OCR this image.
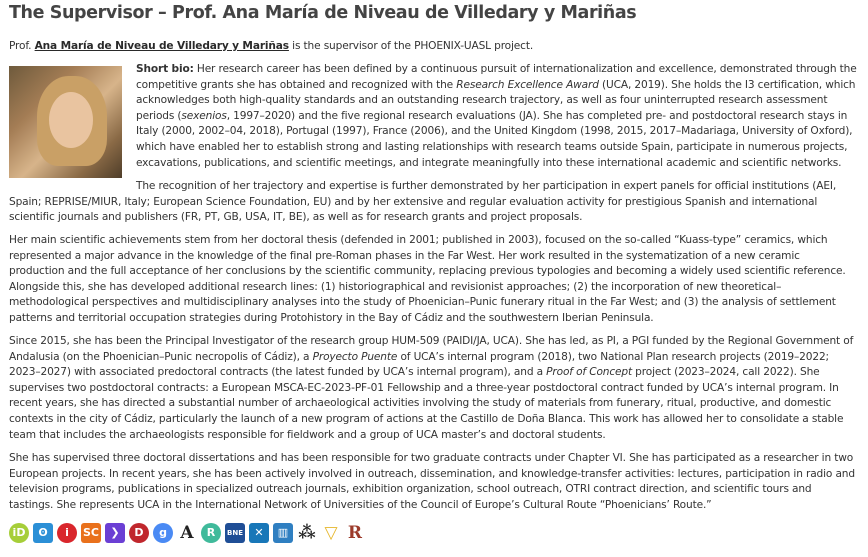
The Supervisor – Prof. Ana María de Niveau de Villedary y Mariñas
Prof. Ana María de Niveau de Villedary y Mariñas is the supervisor of the PHOENIX-UASL project.
Short bio: Her research career has been defined by a continuous pursuit of internationalization and excellence, demonstrated through the competitive grants she has obtained and recognized with the Research Excellence Award (UCA, 2019). She holds the I3 certification, which acknowledges both high-quality standards and an outstanding research trajectory, as well as four uninterrupted research assessment periods (sexenios, 1997–2020) and the five regional research evaluations (JA). She has completed pre- and postdoctoral research stays in Italy (2000, 2002–04, 2018), Portugal (1997), France (2006), and the United Kingdom (1998, 2015, 2017–Madariaga, University of Oxford), which have enabled her to establish strong and lasting relationships with research teams outside Spain, participate in numerous projects, excavations, publications, and scientific meetings, and integrate meaningfully into these international academic and scientific networks.
The recognition of her trajectory and expertise is further demonstrated by her participation in expert panels for official institutions (AEI, Spain; REPRISE/MIUR, Italy; European Science Foundation, EU) and by her extensive and regular evaluation activity for prestigious Spanish and international scientific journals and publishers (FR, PT, GB, USA, IT, BE), as well as for research grants and project proposals.
Her main scientific achievements stem from her doctoral thesis (defended in 2001; published in 2003), focused on the so-called “Kuass-type” ceramics, which represented a major advance in the knowledge of the final pre-Roman phases in the Far West. Her work resulted in the systematization of a new ceramic production and the full acceptance of her conclusions by the scientific community, replacing previous typologies and becoming a widely used scientific reference. Alongside this, she has developed additional research lines: (1) historiographical and revisionist approaches; (2) the incorporation of new theoretical–methodological perspectives and multidisciplinary analyses into the study of Phoenician–Punic funerary ritual in the Far West; and (3) the analysis of settlement patterns and territorial occupation strategies during Protohistory in the Bay of Cádiz and the southwestern Iberian Peninsula.
Since 2015, she has been the Principal Investigator of the research group HUM-509 (PAIDI/JA, UCA). She has led, as PI, a PGI funded by the Regional Government of Andalusia (on the Phoenician–Punic necropolis of Cádiz), a Proyecto Puente of UCA’s internal program (2018), two National Plan research projects (2019–2022; 2023–2027) with associated predoctoral contracts (the latest funded by UCA’s internal program), and a Proof of Concept project (2023–2024, call 2022). She supervises two postdoctoral contracts: a European MSCA-EC-2023-PF-01 Fellowship and a three-year postdoctoral contract funded by UCA’s internal program. In recent years, she has directed a substantial number of archaeological activities involving the study of materials from funerary, ritual, productive, and domestic contexts in the city of Cádiz, particularly the launch of a new program of actions at the Castillo de Doña Blanca. This work has allowed her to consolidate a stable team that includes the archaeologists responsible for fieldwork and a group of UCA master’s and doctoral students.
She has supervised three doctoral dissertations and has been responsible for two graduate contracts under Chapter VI. She has participated as a researcher in two European projects. In recent years, she has been actively involved in outreach, dissemination, and knowledge-transfer activities: lectures, participation in radio and television programs, publications in specialized outreach journals, exhibition organization, school outreach, OTRI contract direction, and scientific tours and tastings. She represents UCA in the International Network of Universities of the Council of Europe’s Cultural Route “Phoenicians’ Route.”
iD	ʘ	i	SC	❯	D	g A	R	BNE	✕	▥ ⁂ ▽ R
